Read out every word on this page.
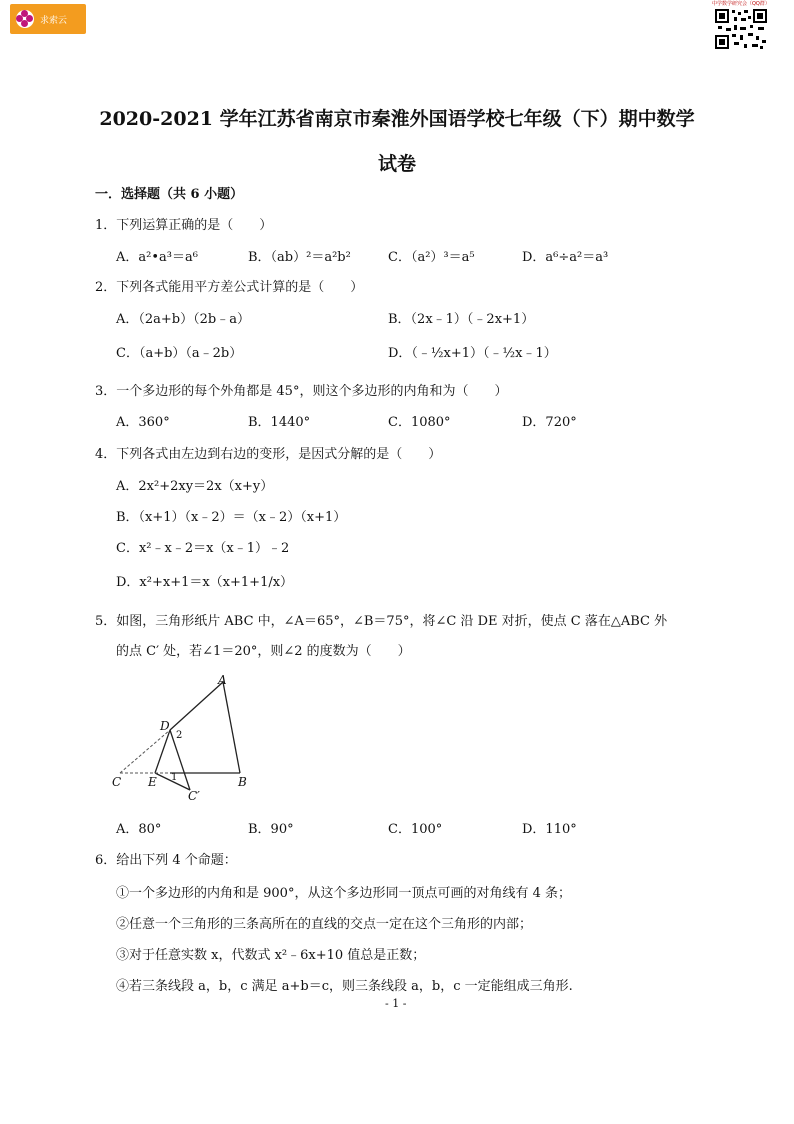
求索云
中学数学研究会（QQ群）
2020-2021 学年江苏省南京市秦淮外国语学校七年级（下）期中数学
试卷
一．选择题（共 6 小题）
1．下列运算正确的是（　　）
A．a²•a³＝a⁶	B．（ab）²＝a²b²	C．（a²）³＝a⁵	D．a⁶÷a²＝a³
2．下列各式能用平方差公式计算的是（　　）
A．（2a+b）（2b﹣a）	B．（2x﹣1）（﹣2x+1）
C．（a+b）（a﹣2b）	D．（﹣½x+1）（﹣½x﹣1）
3．一个多边形的每个外角都是 45°，则这个多边形的内角和为（　　）
A．360°	B．1440°	C．1080°	D．720°
4．下列各式由左边到右边的变形，是因式分解的是（　　）
A．2x²+2xy＝2x（x+y）
B．（x+1）（x﹣2）＝（x﹣2）（x+1）
C．x²﹣x﹣2＝x（x﹣1）﹣2
D．x²+x+1＝x（x+1+1/x）
5．如图，三角形纸片 ABC 中，∠A＝65°，∠B＝75°，将∠C 沿 DE 对折，使点 C 落在△ABC 外
的点 C′ 处，若∠1＝20°，则∠2 的度数为（　　）
A
B
C
D
E
C′
2
1
A．80°	B．90°	C．100°	D．110°
6．给出下列 4 个命题：
①一个多边形的内角和是 900°，从这个多边形同一顶点可画的对角线有 4 条；
②任意一个三角形的三条高所在的直线的交点一定在这个三角形的内部；
③对于任意实数 x，代数式 x²﹣6x+10 值总是正数；
④若三条线段 a，b，c 满足 a+b＝c，则三条线段 a，b，c 一定能组成三角形.
- 1 -
